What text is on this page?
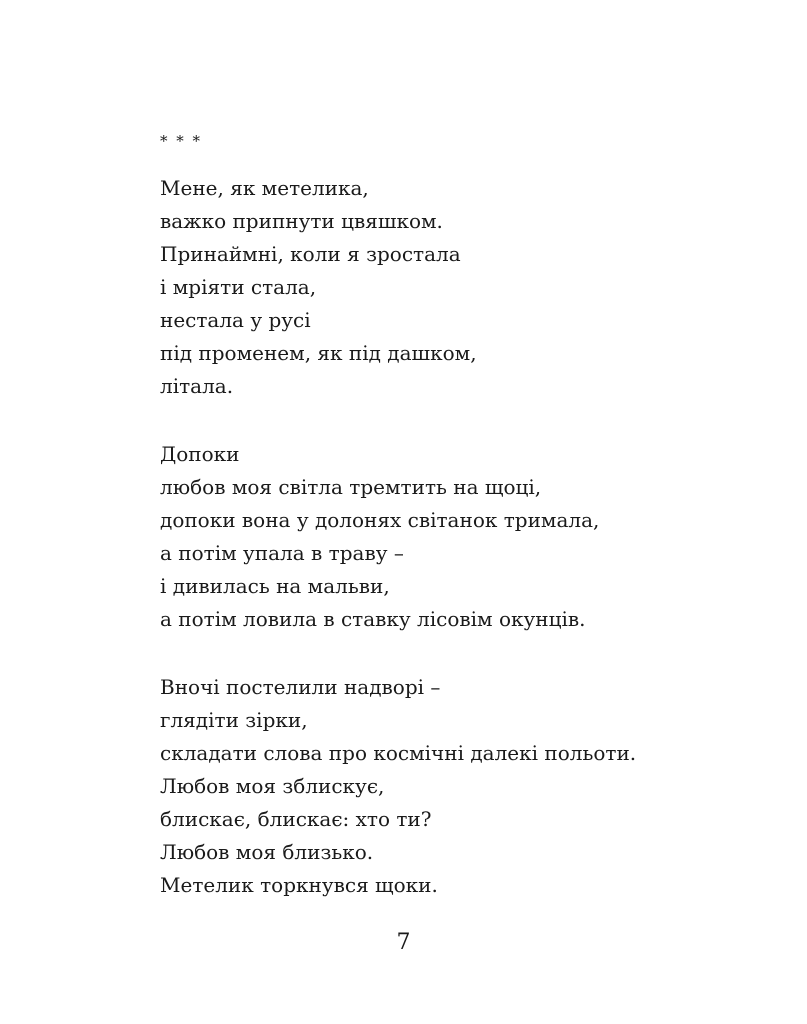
* * *
Мене, як метелика,
важко припнути цвяшком.
Принаймні, коли я зростала
і мріяти стала,
нестала у русі
під променем, як під дашком,
літала.
Допоки
любов моя світла тремтить на щоці,
допоки вона у долонях світанок тримала,
а потім упала в траву –
і дивилась на мальви,
а потім ловила в ставку лісовім окунців.
Вночі постелили надворі –
глядіти зірки,
складати слова про космічні далекі польоти.
Любов моя зблискує,
блискає, блискає: хто ти?
Любов моя близько.
Метелик торкнувся щоки.
7
